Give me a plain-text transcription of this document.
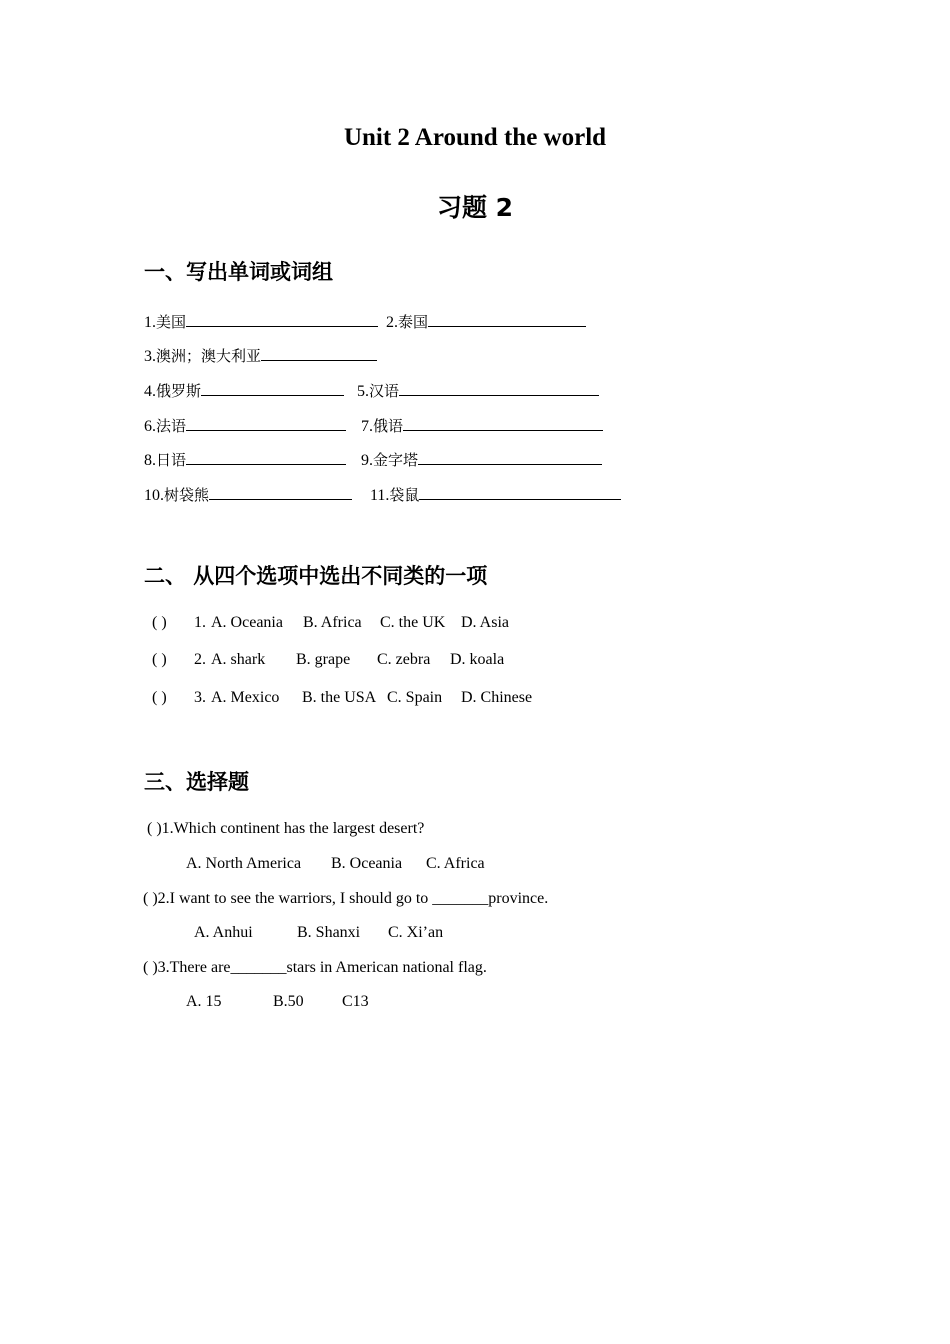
Unit 2 Around the world
习题 2
一、写出单词或词组
1.美国	2.泰国
3.澳洲；澳大利亚
4.俄罗斯	5.汉语
6.法语	7.俄语
8.日语	9.金字塔
10.树袋熊	11.袋鼠
二、 从四个选项中选出不同类的一项
( ) 1. A. Oceania B. Africa C. the UK D. Asia
( ) 2. A. shark B. grape C. zebra D. koala
( ) 3. A. Mexico B. the USA C. Spain D. Chinese
三、选择题
( )1.Which continent has the largest desert?
A. North America B. Oceania C. Africa
( )2.I want to see the warriors, I should go to _______province.
A. Anhui	B. Shanxi C. Xi’an
( )3.There are_______stars in American national flag.
A. 15	B.50 C13
